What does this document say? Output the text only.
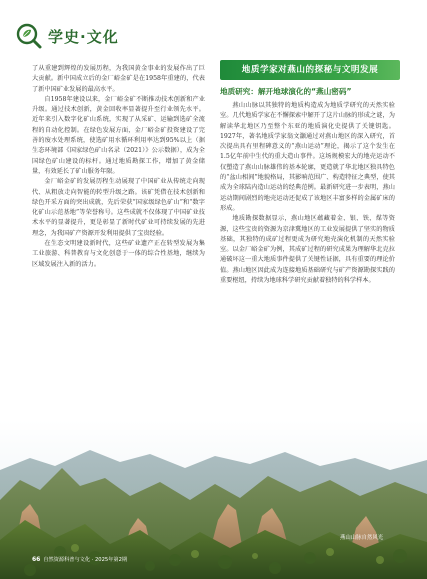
学史·文化

了从重建到辉煌的发展历程，为我国黄金事业的发展作出了巨大贡献。新中国成立后的金厂峪金矿是在1958年重建的，代表了新中国矿业发展的最高水平。

自1958年建设以来，金厂峪金矿不断推动技术创新和产业升级。通过技术创新，黄金回收率显著提升至行业领先水平。近年来引入数字化矿山系统，实现了从采矿、运输到选矿全流程的自动化控制。在绿色发展方面，金厂峪金矿投资建设了完善的废水处理系统，使选矿用水循环利用率达到95%以上（据生态环境部《国家绿色矿山名录（2021）》公示数据），成为全国绿色矿山建设的标杆。通过地质勘探工作，增加了黄金储量，有效延长了矿山服务年限。

金厂峪金矿的发展历程生动展现了中国矿业从传统走向现代、从粗放走向智能的转型升级之路。该矿凭借在技术创新和绿色开采方面的突出成就，先后荣获“国家级绿色矿山”和“数字化矿山示范基地”等荣誉称号。这些成就不仅体现了中国矿业技术水平的显著提升，更是彰显了新时代矿业可持续发展的先进理念，为我国矿产资源开发利用提供了宝贵经验。

在生态文明建设新时代，这些矿业遗产正在转型发展为集工业旅游、科普教育与文化创意于一体的综合性基地，继续为区域发展注入新的活力。

地质学家对燕山的探秘与文明发展
地质研究：解开地球演化的“燕山密码”

燕山山脉以其独特的地质构造成为地质学研究的天然实验室。几代地质学家在不懈探索中解开了这片山脉的形成之谜，为解读华北地区乃至整个东亚的地质演化史提供了关键钥匙。1927年，著名地质学家翁文灏通过对燕山地区的深入研究，首次提出具有里程碑意义的“燕山运动”理论，揭示了这个发生在1.5亿年前中生代的重大造山事件。这场规模宏大的地壳运动不仅塑造了燕山山脉雄伟的基本轮廓，更造就了华北地区独具特色的“盆山相间”地貌格局，其影响范围广、构造特征之典型，使其成为全球陆内造山运动的经典范例。最新研究进一步表明，燕山运动期间剧烈的地壳运动还促成了该地区丰富多样的金属矿床的形成。

地质勘探数据显示，燕山地区蕴藏着金、银、铁、煤等资源，这些宝贵的资源为京津冀地区的工业发展提供了坚实的物质基础，其独特的成矿过程更成为研究地壳演化机制的天然实验室。以金厂峪金矿为例，其成矿过程的研究成果为理解华北克拉通破坏这一重大地质事件提供了关键性证据，具有重要的理论价值。燕山地区因此成为连接地质基础研究与矿产资源勘探实践的重要枢纽，持续为地球科学研究贡献着独特的科学样本。

燕山山脉自然风光
66 自然资源科普与文化 · 2025年第2期
